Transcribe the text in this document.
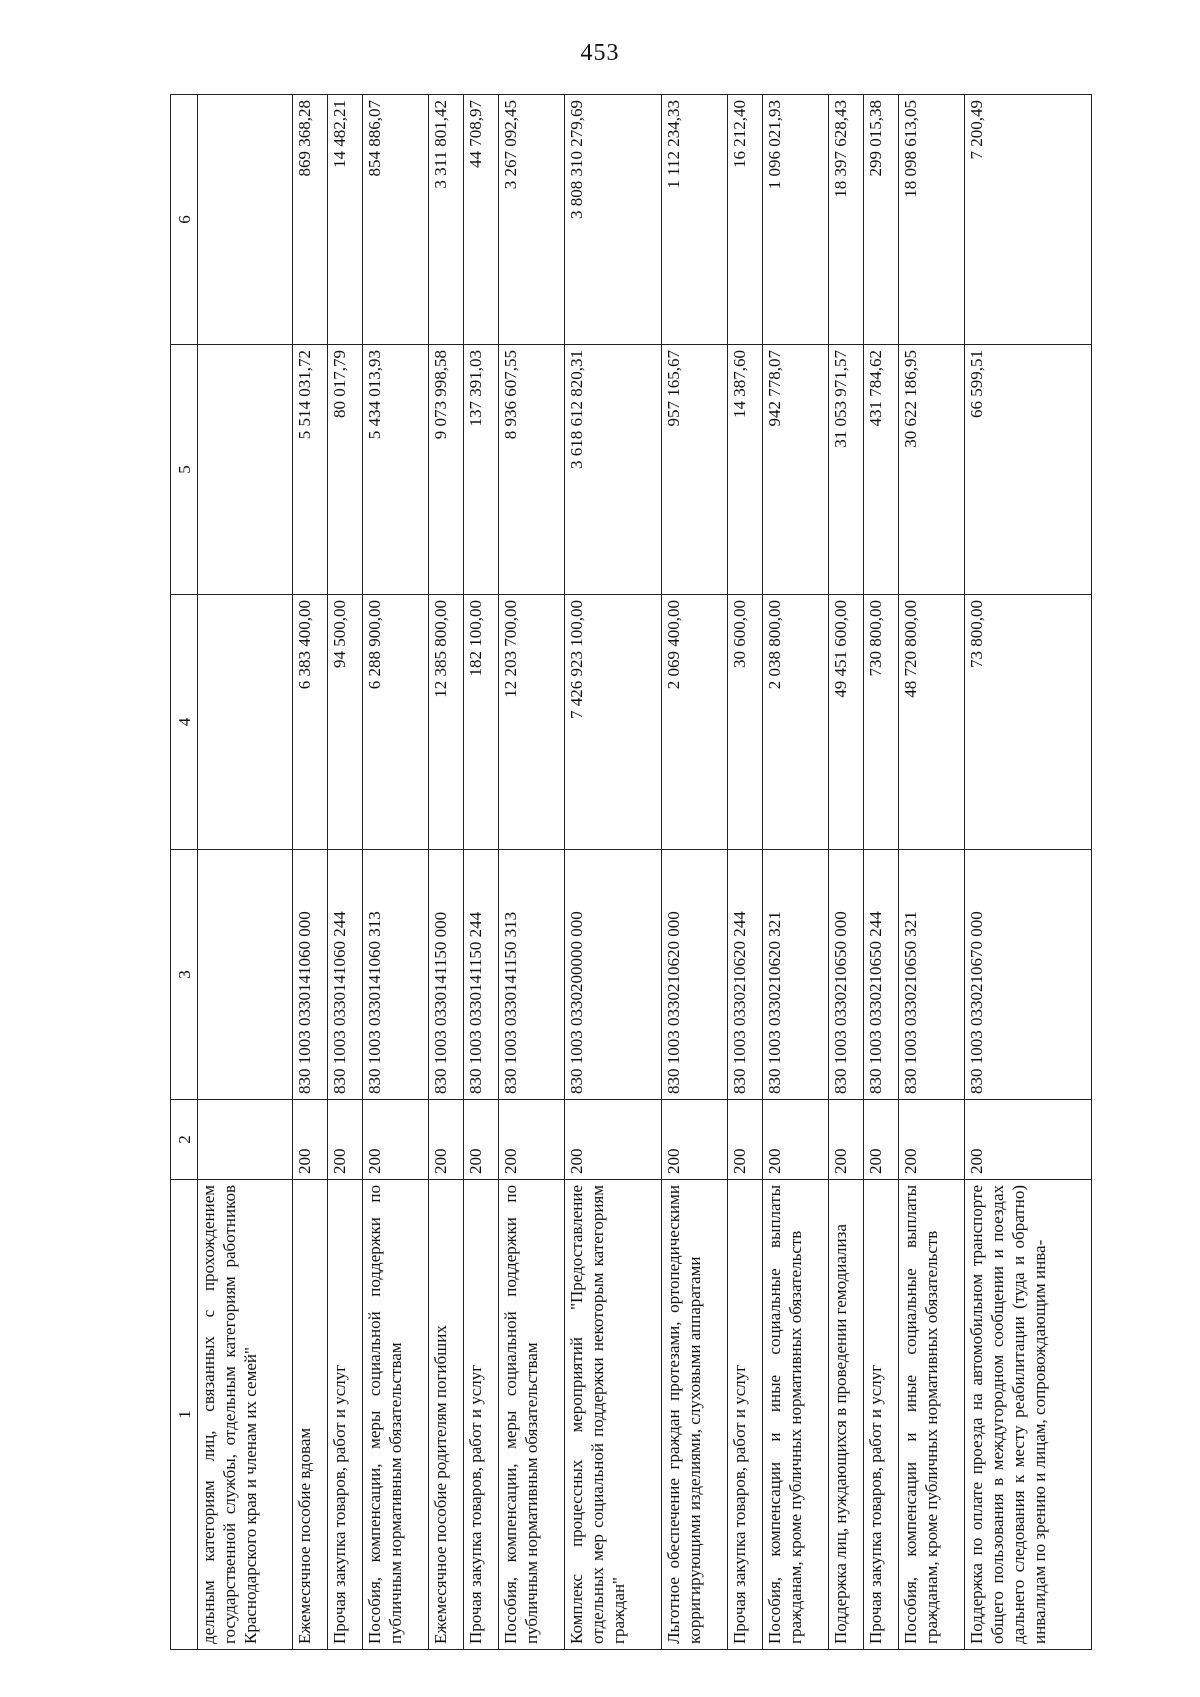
453
1	2	3	4	5	6
дельным категориям лиц, связанных с прохождением государственной службы, отдельным категориям работников Краснодарского края и членам их семей"					
Ежемесячное пособие вдовам	200	830 1003 0330141060 000	6 383 400,00	5 514 031,72	869 368,28
Прочая закупка товаров, работ и услуг	200	830 1003 0330141060 244	94 500,00	80 017,79	14 482,21
Пособия, компенсации, меры социальной поддержки по публичным нормативным обязательствам	200	830 1003 0330141060 313	6 288 900,00	5 434 013,93	854 886,07
Ежемесячное пособие родителям погибших	200	830 1003 0330141150 000	12 385 800,00	9 073 998,58	3 311 801,42
Прочая закупка товаров, работ и услуг	200	830 1003 0330141150 244	182 100,00	137 391,03	44 708,97
Пособия, компенсации, меры социальной поддержки по публичным нормативным обязательствам	200	830 1003 0330141150 313	12 203 700,00	8 936 607,55	3 267 092,45
Комплекс процессных мероприятий "Предоставление отдельных мер социальной поддержки некоторым категориям граждан"	200	830 1003 0330200000 000	7 426 923 100,00	3 618 612 820,31	3 808 310 279,69
Льготное обеспечение граждан протезами, ортопедическими корригирующими изделиями, слуховыми аппаратами	200	830 1003 0330210620 000	2 069 400,00	957 165,67	1 112 234,33
Прочая закупка товаров, работ и услуг	200	830 1003 0330210620 244	30 600,00	14 387,60	16 212,40
Пособия, компенсации и иные социальные выплаты гражданам, кроме публичных нормативных обязательств	200	830 1003 0330210620 321	2 038 800,00	942 778,07	1 096 021,93
Поддержка лиц, нуждающихся в проведении гемодиализа	200	830 1003 0330210650 000	49 451 600,00	31 053 971,57	18 397 628,43
Прочая закупка товаров, работ и услуг	200	830 1003 0330210650 244	730 800,00	431 784,62	299 015,38
Пособия, компенсации и иные социальные выплаты гражданам, кроме публичных нормативных обязательств	200	830 1003 0330210650 321	48 720 800,00	30 622 186,95	18 098 613,05
Поддержка по оплате проезда на автомобильном транспорте общего пользования в междугородном сообщении и поездах дальнего следования к месту реабилитации (туда и обратно) инвалидам по зрению и лицам, сопровождающим инва-	200	830 1003 0330210670 000	73 800,00	66 599,51	7 200,49
